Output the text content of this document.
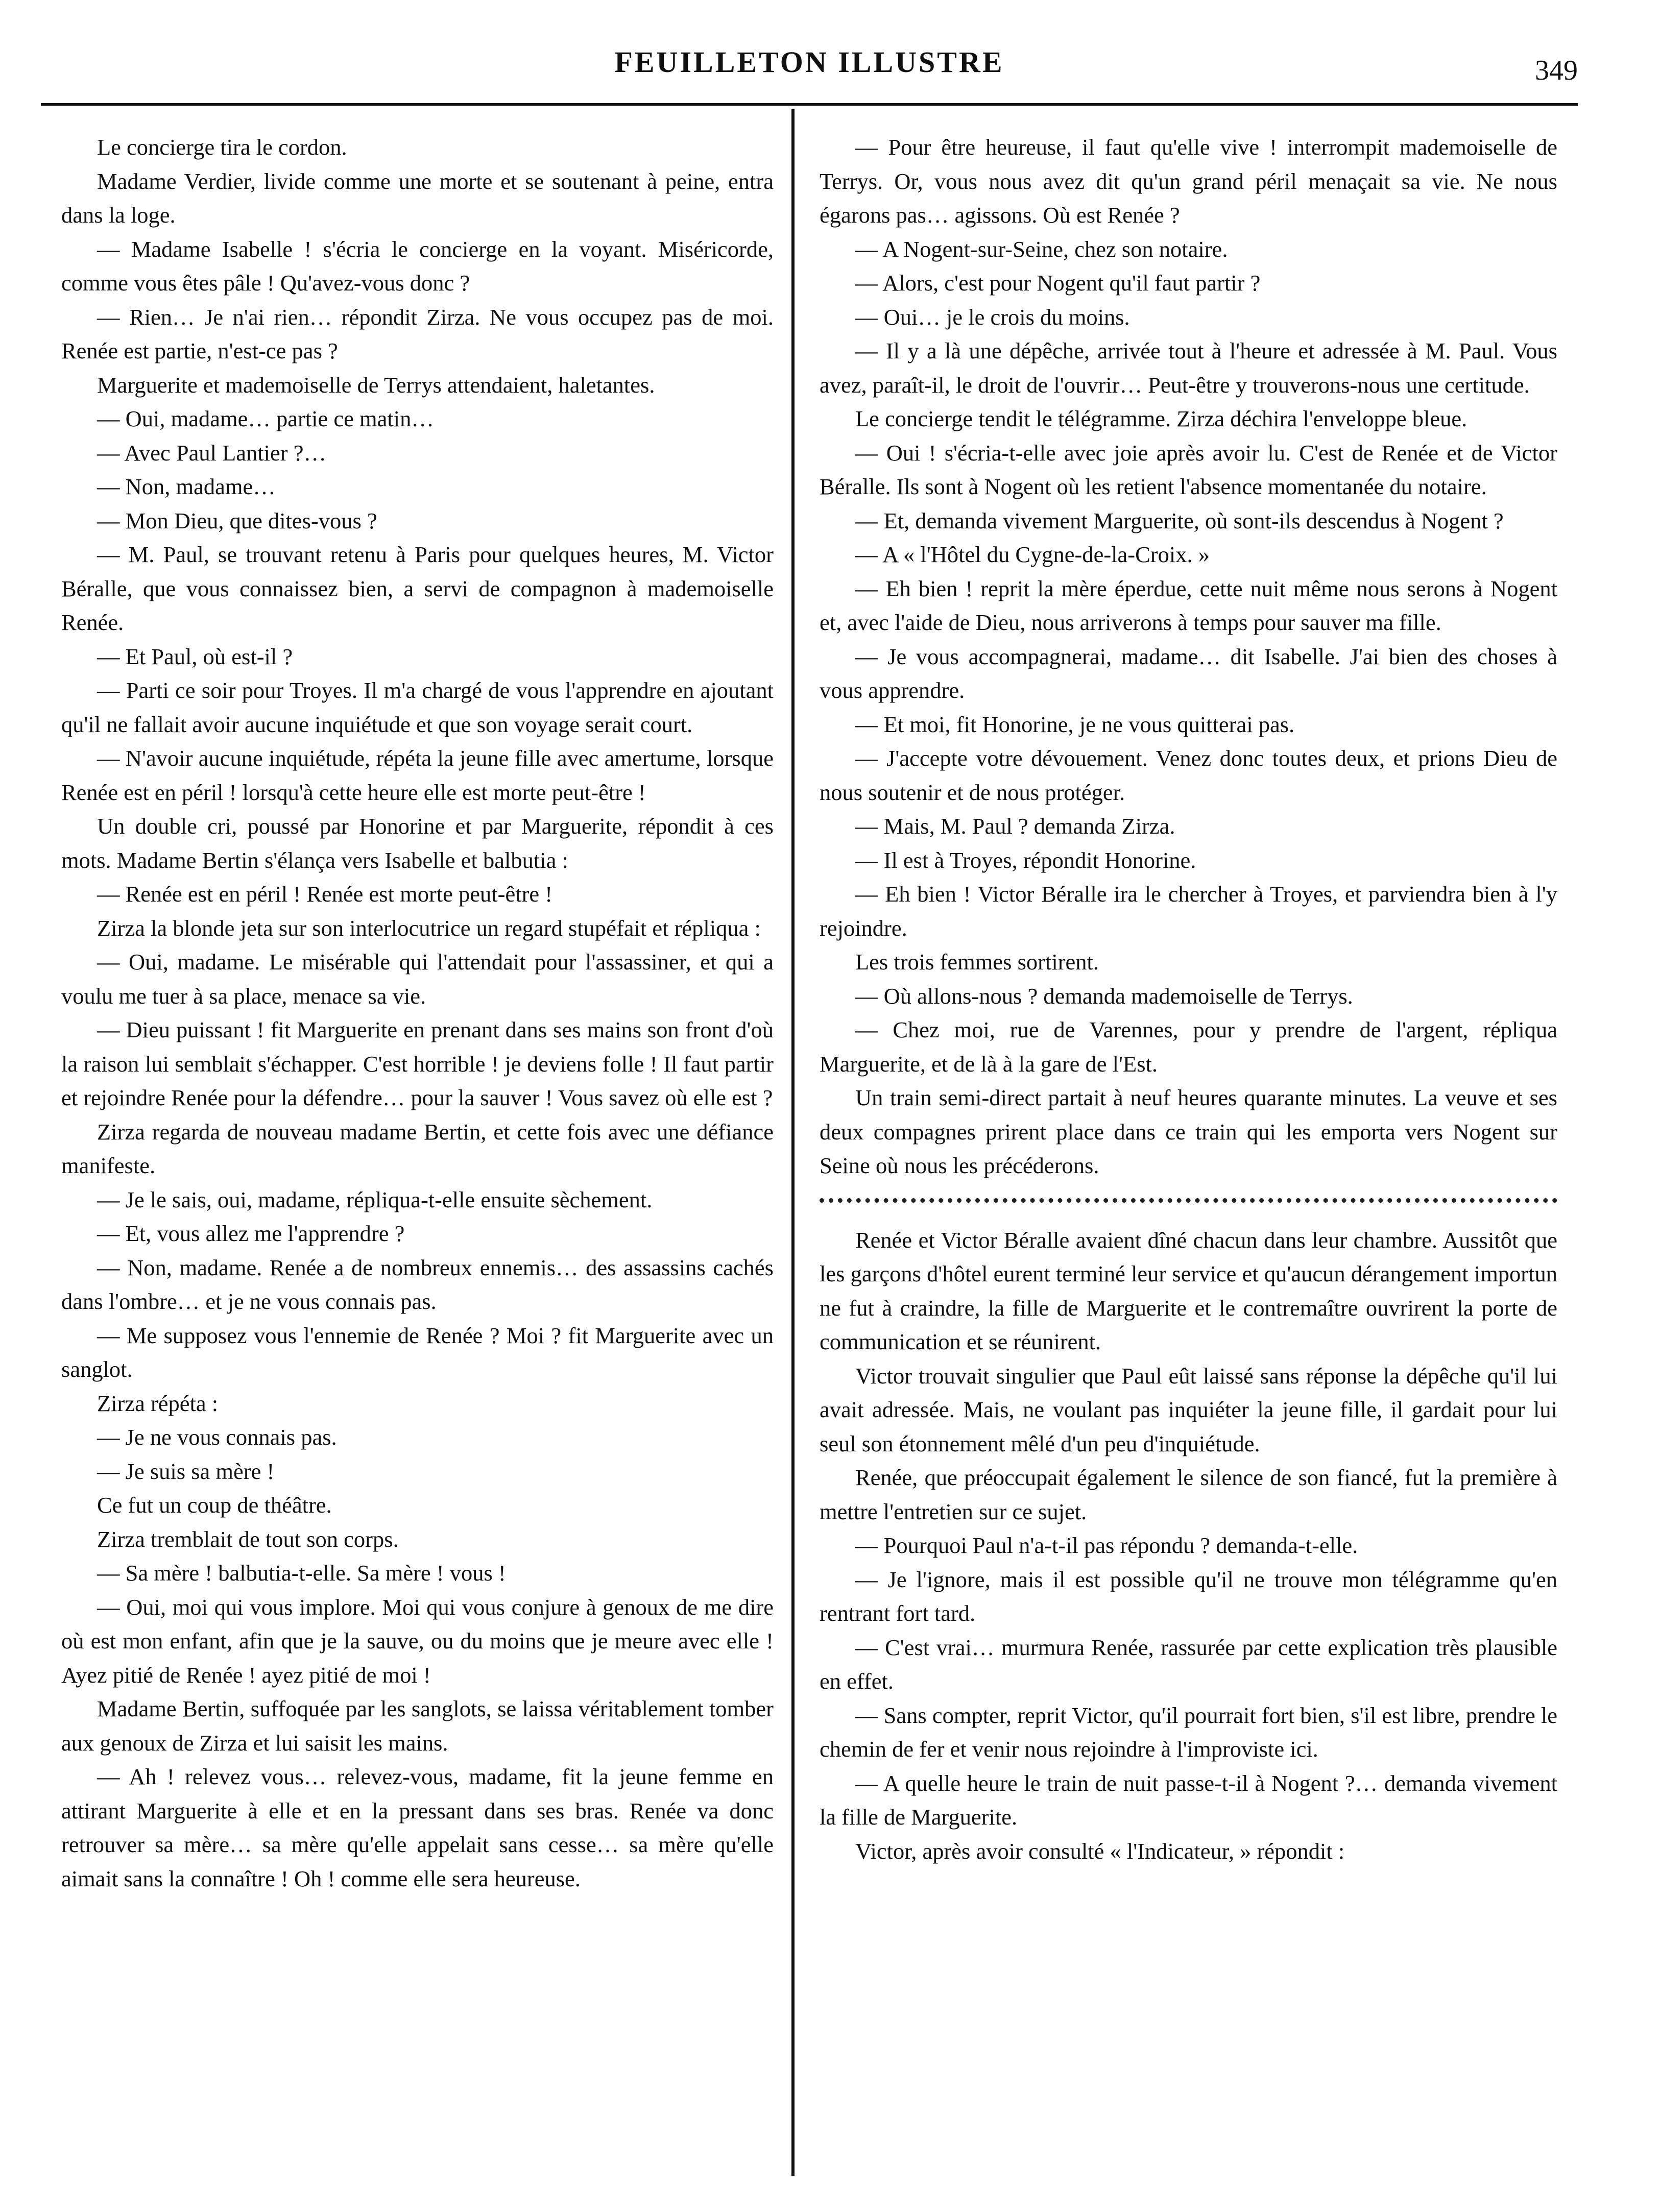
FEUILLETON ILLUSTRE	349

Le concierge tira le cordon.

Madame Verdier, livide comme une morte et se soutenant à peine, entra dans la loge.

— Madame Isabelle ! s'écria le concierge en la voyant. Miséricorde, comme vous êtes pâle ! Qu'avez-vous donc ?

— Rien… Je n'ai rien… répondit Zirza. Ne vous occupez pas de moi. Renée est partie, n'est-ce pas ?

Marguerite et mademoiselle de Terrys attendaient, haletantes.

— Oui, madame… partie ce matin…

— Avec Paul Lantier ?…

— Non, madame…

— Mon Dieu, que dites-vous ?

— M. Paul, se trouvant retenu à Paris pour quelques heures, M. Victor Béralle, que vous connaissez bien, a servi de compagnon à mademoiselle Renée.

— Et Paul, où est-il ?

— Parti ce soir pour Troyes. Il m'a chargé de vous l'apprendre en ajoutant qu'il ne fallait avoir aucune inquiétude et que son voyage serait court.

— N'avoir aucune inquiétude, répéta la jeune fille avec amertume, lorsque Renée est en péril ! lorsqu'à cette heure elle est morte peut-être !

Un double cri, poussé par Honorine et par Marguerite, répondit à ces mots. Madame Bertin s'élança vers Isabelle et balbutia :

— Renée est en péril ! Renée est morte peut-être !

Zirza la blonde jeta sur son interlocutrice un regard stupéfait et répliqua :

— Oui, madame. Le misérable qui l'attendait pour l'assassiner, et qui a voulu me tuer à sa place, menace sa vie.

— Dieu puissant ! fit Marguerite en prenant dans ses mains son front d'où la raison lui semblait s'échapper. C'est horrible ! je deviens folle ! Il faut partir et rejoindre Renée pour la défendre… pour la sauver ! Vous savez où elle est ?

Zirza regarda de nouveau madame Bertin, et cette fois avec une défiance manifeste.

— Je le sais, oui, madame, répliqua-t-elle ensuite sèchement.

— Et, vous allez me l'apprendre ?

— Non, madame. Renée a de nombreux ennemis… des assassins cachés dans l'ombre… et je ne vous connais pas.

— Me supposez vous l'ennemie de Renée ? Moi ? fit Marguerite avec un sanglot.

Zirza répéta :

— Je ne vous connais pas.

— Je suis sa mère !

Ce fut un coup de théâtre.

Zirza tremblait de tout son corps.

— Sa mère ! balbutia-t-elle. Sa mère ! vous !

— Oui, moi qui vous implore. Moi qui vous conjure à genoux de me dire où est mon enfant, afin que je la sauve, ou du moins que je meure avec elle ! Ayez pitié de Renée ! ayez pitié de moi !

Madame Bertin, suffoquée par les sanglots, se laissa véritablement tomber aux genoux de Zirza et lui saisit les mains.

— Ah ! relevez vous… relevez-vous, madame, fit la jeune femme en attirant Marguerite à elle et en la pressant dans ses bras. Renée va donc retrouver sa mère… sa mère qu'elle appelait sans cesse… sa mère qu'elle aimait sans la connaître ! Oh ! comme elle sera heureuse.

— Pour être heureuse, il faut qu'elle vive ! interrompit mademoiselle de Terrys. Or, vous nous avez dit qu'un grand péril menaçait sa vie. Ne nous égarons pas… agissons. Où est Renée ?

— A Nogent-sur-Seine, chez son notaire.

— Alors, c'est pour Nogent qu'il faut partir ?

— Oui… je le crois du moins.

— Il y a là une dépêche, arrivée tout à l'heure et adressée à M. Paul. Vous avez, paraît-il, le droit de l'ouvrir… Peut-être y trouverons-nous une certitude.

Le concierge tendit le télégramme. Zirza déchira l'enveloppe bleue.

— Oui ! s'écria-t-elle avec joie après avoir lu. C'est de Renée et de Victor Béralle. Ils sont à Nogent où les retient l'absence momentanée du notaire.

— Et, demanda vivement Marguerite, où sont-ils descendus à Nogent ?

— A « l'Hôtel du Cygne-de-la-Croix. »

— Eh bien ! reprit la mère éperdue, cette nuit même nous serons à Nogent et, avec l'aide de Dieu, nous arriverons à temps pour sauver ma fille.

— Je vous accompagnerai, madame… dit Isabelle. J'ai bien des choses à vous apprendre.

— Et moi, fit Honorine, je ne vous quitterai pas.

— J'accepte votre dévouement. Venez donc toutes deux, et prions Dieu de nous soutenir et de nous protéger.

— Mais, M. Paul ? demanda Zirza.

— Il est à Troyes, répondit Honorine.

— Eh bien ! Victor Béralle ira le chercher à Troyes, et parviendra bien à l'y rejoindre.

Les trois femmes sortirent.

— Où allons-nous ? demanda mademoiselle de Terrys.

— Chez moi, rue de Varennes, pour y prendre de l'argent, répliqua Marguerite, et de là à la gare de l'Est.

Un train semi-direct partait à neuf heures quarante minutes. La veuve et ses deux compagnes prirent place dans ce train qui les emporta vers Nogent sur Seine où nous les précéderons.

Renée et Victor Béralle avaient dîné chacun dans leur chambre. Aussitôt que les garçons d'hôtel eurent terminé leur service et qu'aucun dérangement importun ne fut à craindre, la fille de Marguerite et le contremaître ouvrirent la porte de communication et se réunirent.

Victor trouvait singulier que Paul eût laissé sans réponse la dépêche qu'il lui avait adressée. Mais, ne voulant pas inquiéter la jeune fille, il gardait pour lui seul son étonnement mêlé d'un peu d'inquiétude.

Renée, que préoccupait également le silence de son fiancé, fut la première à mettre l'entretien sur ce sujet.

— Pourquoi Paul n'a-t-il pas répondu ? demanda-t-elle.

— Je l'ignore, mais il est possible qu'il ne trouve mon télégramme qu'en rentrant fort tard.

— C'est vrai… murmura Renée, rassurée par cette explication très plausible en effet.

— Sans compter, reprit Victor, qu'il pourrait fort bien, s'il est libre, prendre le chemin de fer et venir nous rejoindre à l'improviste ici.

— A quelle heure le train de nuit passe-t-il à Nogent ?… demanda vivement la fille de Marguerite.

Victor, après avoir consulté « l'Indicateur, » répondit :
